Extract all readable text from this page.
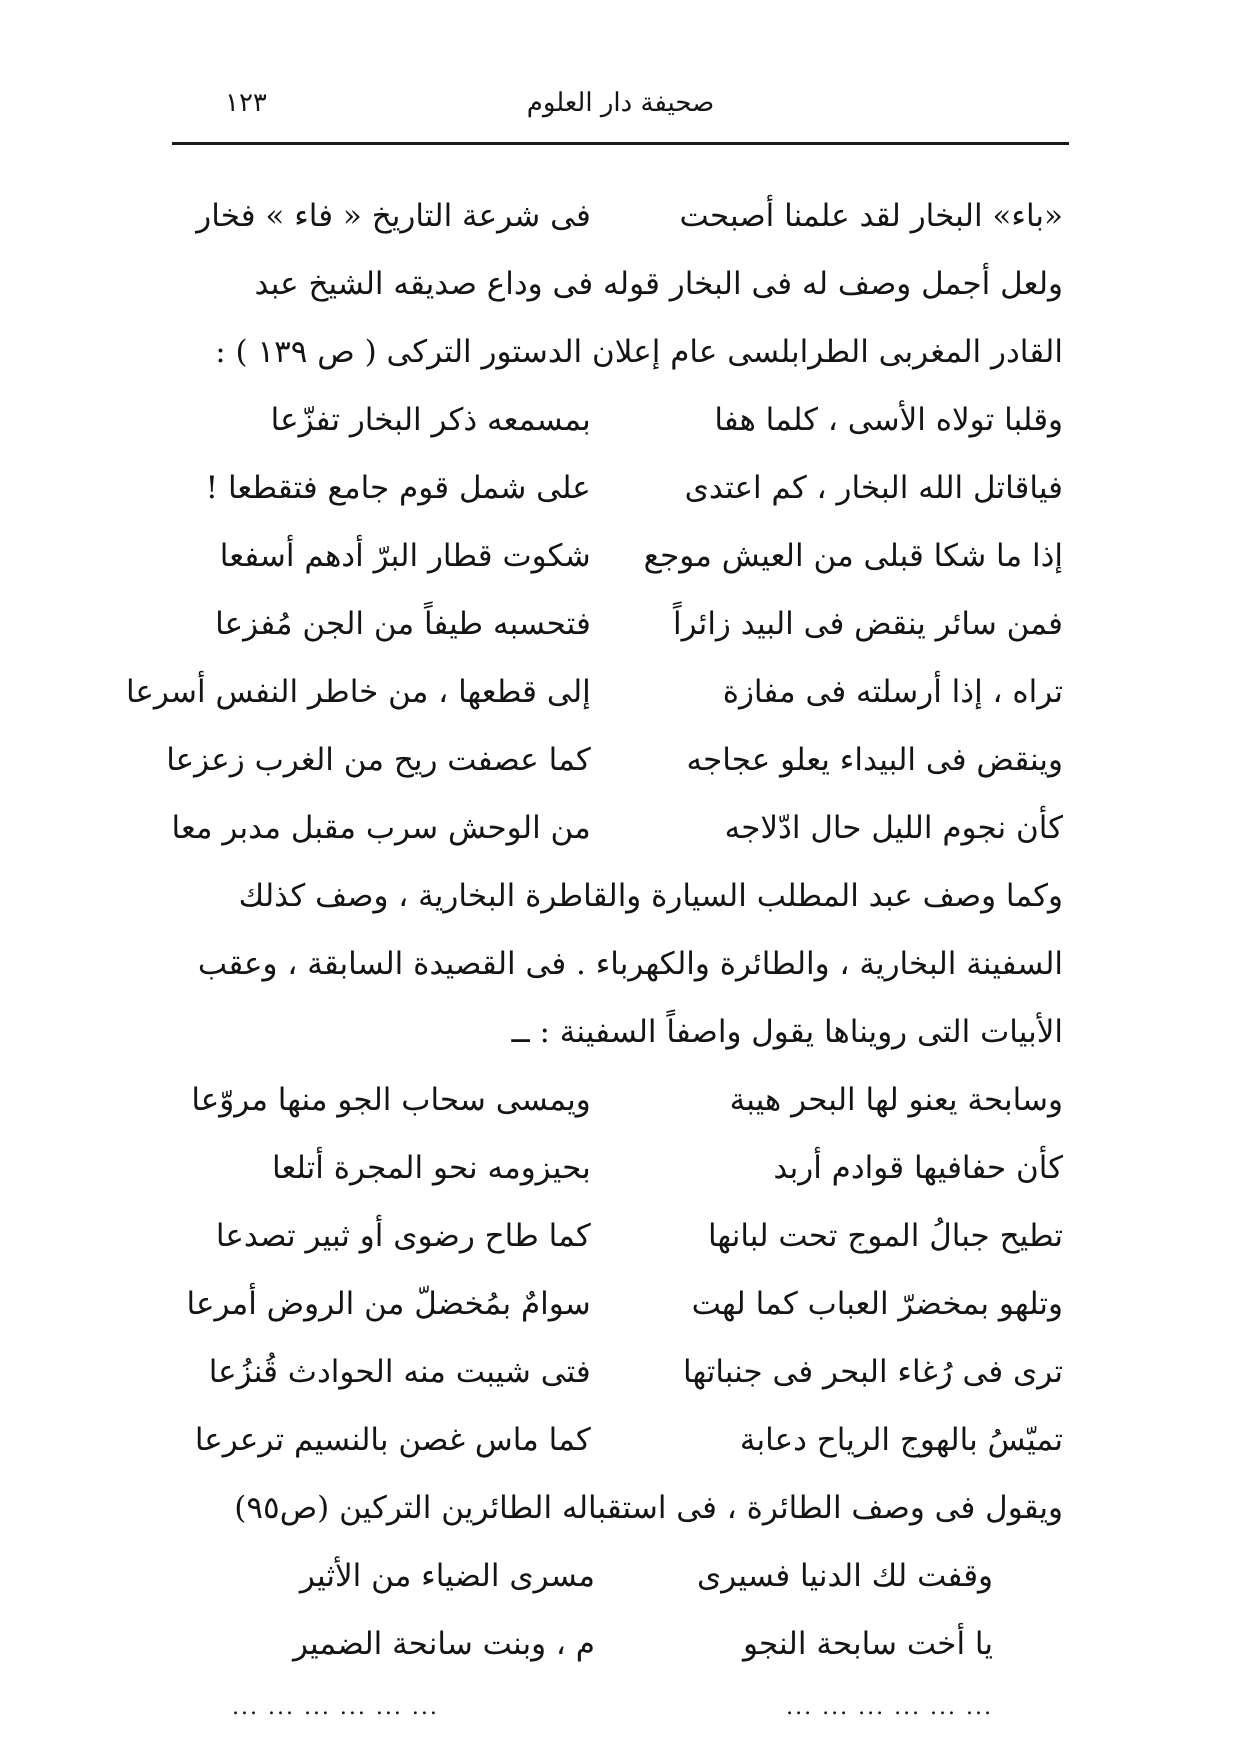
صحيفة دار العلوم
١٢٣
«باء» البخار لقد علمنا أصبحت
فى شرعة التاريخ « فاء » فخار
ولعل أجمل وصف له فى البخار قوله فى وداع صديقه الشيخ عبد
القادر المغربى الطرابلسى عام إعلان الدستور التركى ( ص ١٣٩ ) :
وقلبا تولاه الأسى ، كلما هفا
بمسمعه ذكر البخار تفزّعا
فياقاتل الله البخار ، كم اعتدى
على شمل قوم جامع فتقطعا !
إذا ما شكا قبلى من العيش موجع
شكوت قطار البرّ أدهم أسفعا
فمن سائر ينقض فى البيد زائراً
فتحسبه طيفاً من الجن مُفزعا
تراه ، إذا أرسلته فى مفازة
إلى قطعها ، من خاطر النفس أسرعا
وينقض فى البيداء يعلو عجاجه
كما عصفت ريح من الغرب زعزعا
كأن نجوم الليل حال ادّلاجه
من الوحش سرب مقبل مدبر معا
وكما وصف عبد المطلب السيارة والقاطرة البخارية ، وصف كذلك
السفينة البخارية ، والطائرة والكهرباء . فى القصيدة السابقة ، وعقب
الأبيات التى رويناها يقول واصفاً السفينة : ــ
وسابحة يعنو لها البحر هيبة
ويمسى سحاب الجو منها مروّعا
كأن حفافيها قوادم أربد
بحيزومه نحو المجرة أتلعا
تطيح جبالُ الموج تحت لبانها
كما طاح رضوى أو ثبير تصدعا
وتلهو بمخضرّ العباب كما لهت
سوامٌ بمُخضلّ من الروض أمرعا
ترى فى رُغاء البحر فى جنباتها
فتى شيبت منه الحوادث قُنزُعا
تميّسُ بالهوج الرياح دعابة
كما ماس غصن بالنسيم ترعرعا
ويقول فى وصف الطائرة ، فى استقباله الطائرين التركين (ص٩٥)
وقفت لك الدنيا فسيرى
مسرى الضياء من الأثير
يا أخت سابحة النجو
م ، وبنت سانحة الضمير
... ... ... ... ... ...
... ... ... ... ... ...
